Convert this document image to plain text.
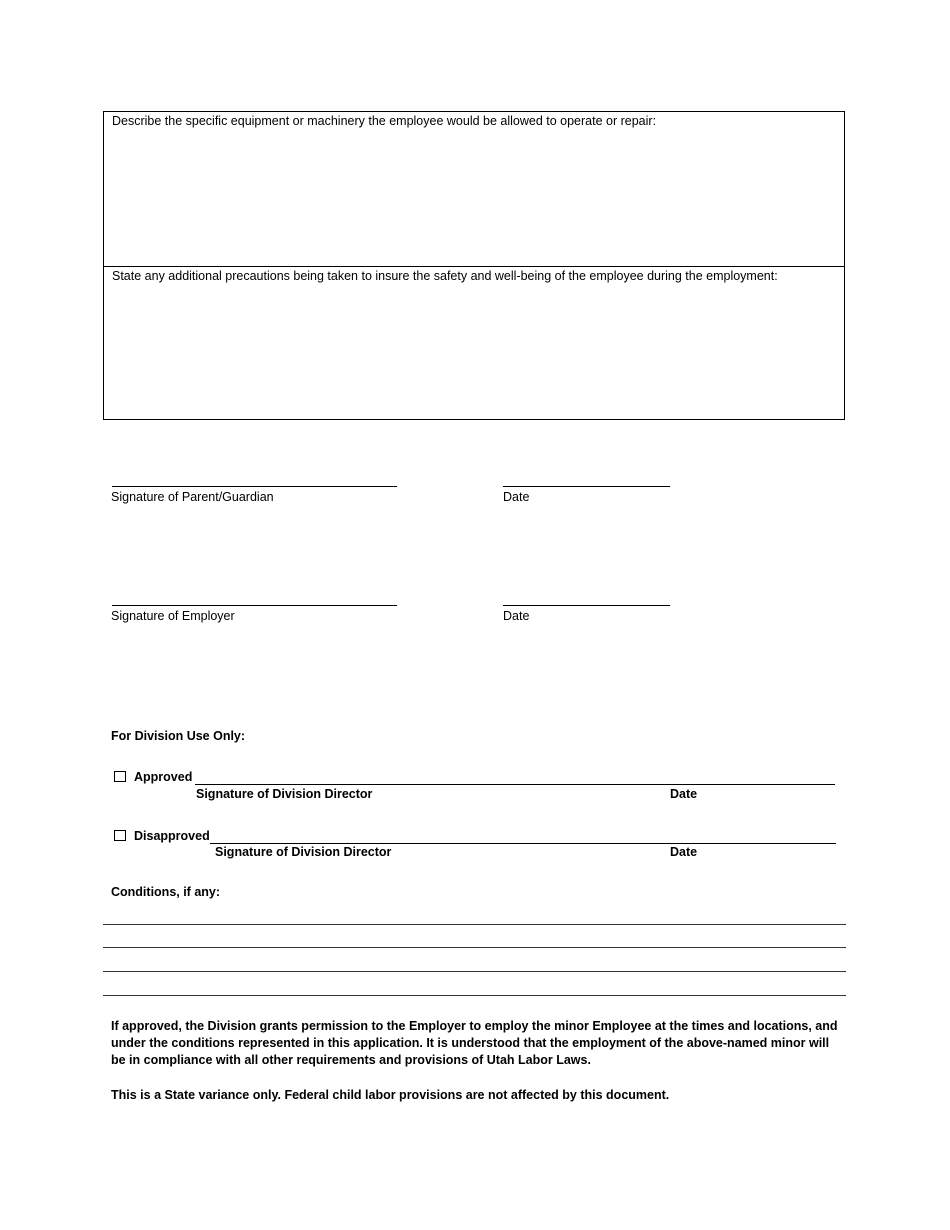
Describe the specific equipment or machinery the employee would be allowed to operate or repair:
State any additional precautions being taken to insure the safety and well-being of the employee during the employment:
Signature of Parent/Guardian	Date
Signature of Employer	Date
For Division Use Only:
Approved
Signature of Division Director	Date
Disapproved
Signature of Division Director	Date
Conditions, if any:

If approved, the Division grants permission to the Employer to employ the minor Employee at the times and locations, and under the conditions represented in this application. It is understood that the employment of the above-named minor will be in compliance with all other requirements and provisions of Utah Labor Laws.

This is a State variance only. Federal child labor provisions are not affected by this document.
